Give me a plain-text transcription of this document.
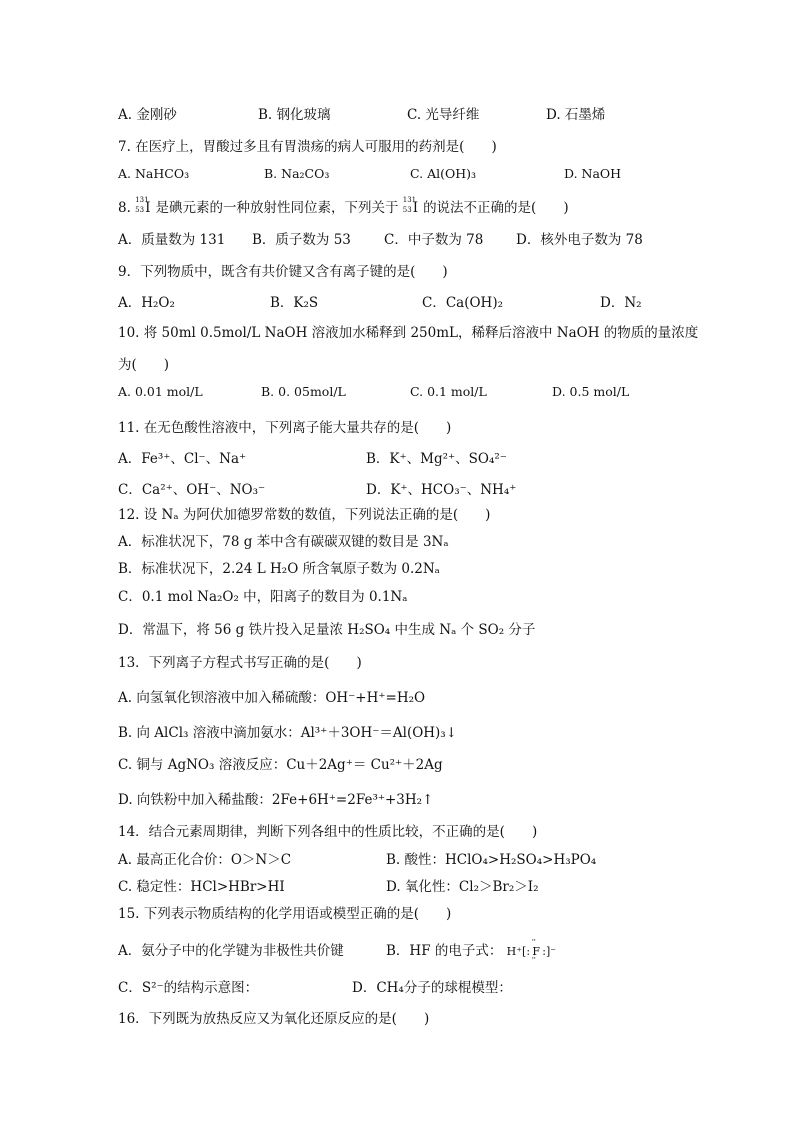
A. 金刚砂	B. 钢化玻璃	C. 光导纤维	D. 石墨烯
7. 在医疗上，胃酸过多且有胃溃疡的病人可服用的药剂是(　　)
A. NaHCO₃	B. Na₂CO₃	C. Al(OH)₃	D. NaOH
8. 131
53 I 是碘元素的一种放射性同位素，下列关于 131
53 I 的说法不正确的是(　　)
A．质量数为 131 B．质子数为 53 C．中子数为 78 D．核外电子数为 78
9．下列物质中，既含有共价键又含有离子键的是(　　)
A．H₂O₂	B．K₂S	C．Ca(OH)₂	D．N₂
10. 将 50ml 0.5mol/L NaOH 溶液加水稀释到 250mL，稀释后溶液中 NaOH 的物质的量浓度
为(　　)
A. 0.01 mol/L	B. 0. 05mol/L	C. 0.1 mol/L	D. 0.5 mol/L
11. 在无色酸性溶液中，下列离子能大量共存的是(　　)
A．Fe³⁺、Cl⁻、Na⁺	B．K⁺、Mg²⁺、SO₄²⁻
C．Ca²⁺、OH⁻、NO₃⁻	D．K⁺、HCO₃⁻、NH₄⁺
12. 设 Nₐ 为阿伏加德罗常数的数值，下列说法正确的是(　　)
A．标准状况下，78 g 苯中含有碳碳双键的数目是 3Nₐ
B．标准状况下，2.24 L H₂O 所含氧原子数为 0.2Nₐ
C．0.1 mol Na₂O₂ 中，阳离子的数目为 0.1Nₐ
D．常温下，将 56 g 铁片投入足量浓 H₂SO₄ 中生成 Nₐ 个 SO₂ 分子
13．下列离子方程式书写正确的是(　　)
A. 向氢氧化钡溶液中加入稀硫酸：OH⁻+H⁺=H₂O
B. 向 AlCl₃ 溶液中滴加氨水：Al³⁺＋3OH⁻＝Al(OH)₃↓
C. 铜与 AgNO₃ 溶液反应：Cu＋2Ag⁺＝ Cu²⁺＋2Ag
D. 向铁粉中加入稀盐酸：2Fe+6H⁺=2Fe³⁺+3H₂↑
14．结合元素周期律，判断下列各组中的性质比较，不正确的是(　　)
A. 最高正化合价：O＞N＞C	B. 酸性：HClO₄>H₂SO₄>H₃PO₄
C. 稳定性：HCl>HBr>HI	D. 氧化性：Cl₂＞Br₂＞I₂
15. 下列表示物质结构的化学用语或模型正确的是(　　)
A．氨分子中的化学键为非极性共价键	B．HF 的电子式： H⁺[
··
: F :
··
]⁻
C．S²⁻的结构示意图：	D．CH₄分子的球棍模型：
16．下列既为放热反应又为氧化还原反应的是(　　)
